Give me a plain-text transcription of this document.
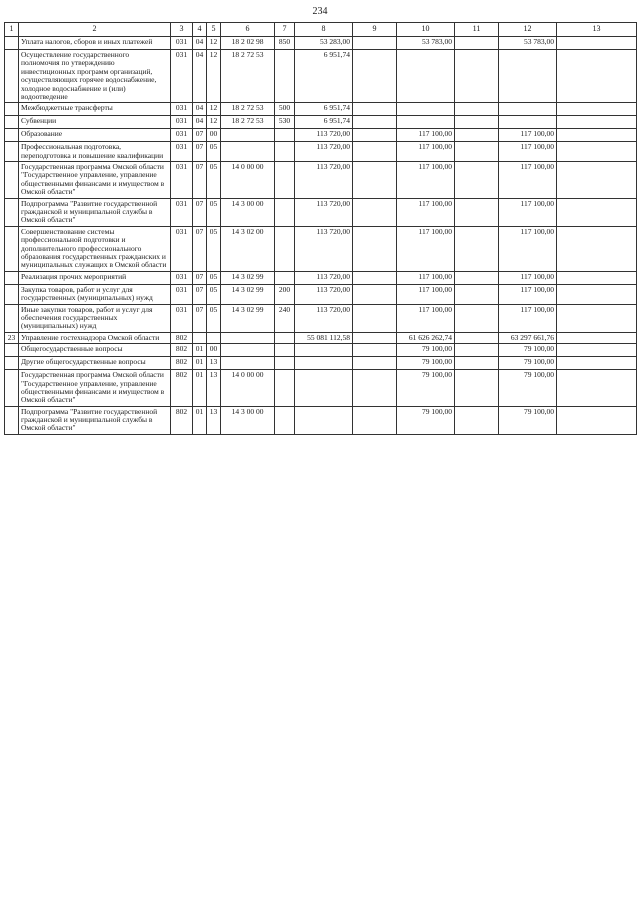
234
1	2	3	4	5	6	7	8	9	10	11	12	13
	Уплата налогов, сборов и иных платежей	031	04	12	18 2 02 98	850	53 283,00		53 783,00		53 783,00	
	Осуществление государственного полномочия по утверждению инвестиционных программ организаций, осуществляющих горячее водоснабжение, холодное водоснабжение и (или) водоотведение	031	04	12	18 2 72 53		6 951,74					
	Межбюджетные трансферты	031	04	12	18 2 72 53	500	6 951,74					
	Субвенции	031	04	12	18 2 72 53	530	6 951,74					
	Образование	031	07	00			113 720,00		117 100,00		117 100,00	
	Профессиональная подготовка, переподготовка и повышение квалификации	031	07	05			113 720,00		117 100,00		117 100,00	
	Государственная программа Омской области "Государственное управление, управление общественными финансами и имуществом в Омской области"	031	07	05	14 0 00 00		113 720,00		117 100,00		117 100,00	
	Подпрограмма "Развитие государственной гражданской и муниципальной службы в Омской области"	031	07	05	14 3 00 00		113 720,00		117 100,00		117 100,00	
	Совершенствование системы профессиональной подготовки и дополнительного профессионального образования государственных гражданских и муниципальных служащих в Омской области	031	07	05	14 3 02 00		113 720,00		117 100,00		117 100,00	
	Реализация прочих мероприятий	031	07	05	14 3 02 99		113 720,00		117 100,00		117 100,00	
	Закупка товаров, работ и услуг для государственных (муниципальных) нужд	031	07	05	14 3 02 99	200	113 720,00		117 100,00		117 100,00	
	Иные закупки товаров, работ и услуг для обеспечения государственных (муниципальных) нужд	031	07	05	14 3 02 99	240	113 720,00		117 100,00		117 100,00	
23	Управление гостехнадзора Омской области	802					55 081 112,58		61 626 262,74		63 297 661,76	
	Общегосударственные вопросы	802	01	00					79 100,00		79 100,00	
	Другие общегосударственные вопросы	802	01	13					79 100,00		79 100,00	
	Государственная программа Омской области "Государственное управление, управление общественными финансами и имуществом в Омской области"	802	01	13	14 0 00 00				79 100,00		79 100,00	
	Подпрограмма "Развитие государственной гражданской и муниципальной службы в Омской области"	802	01	13	14 3 00 00				79 100,00		79 100,00	
